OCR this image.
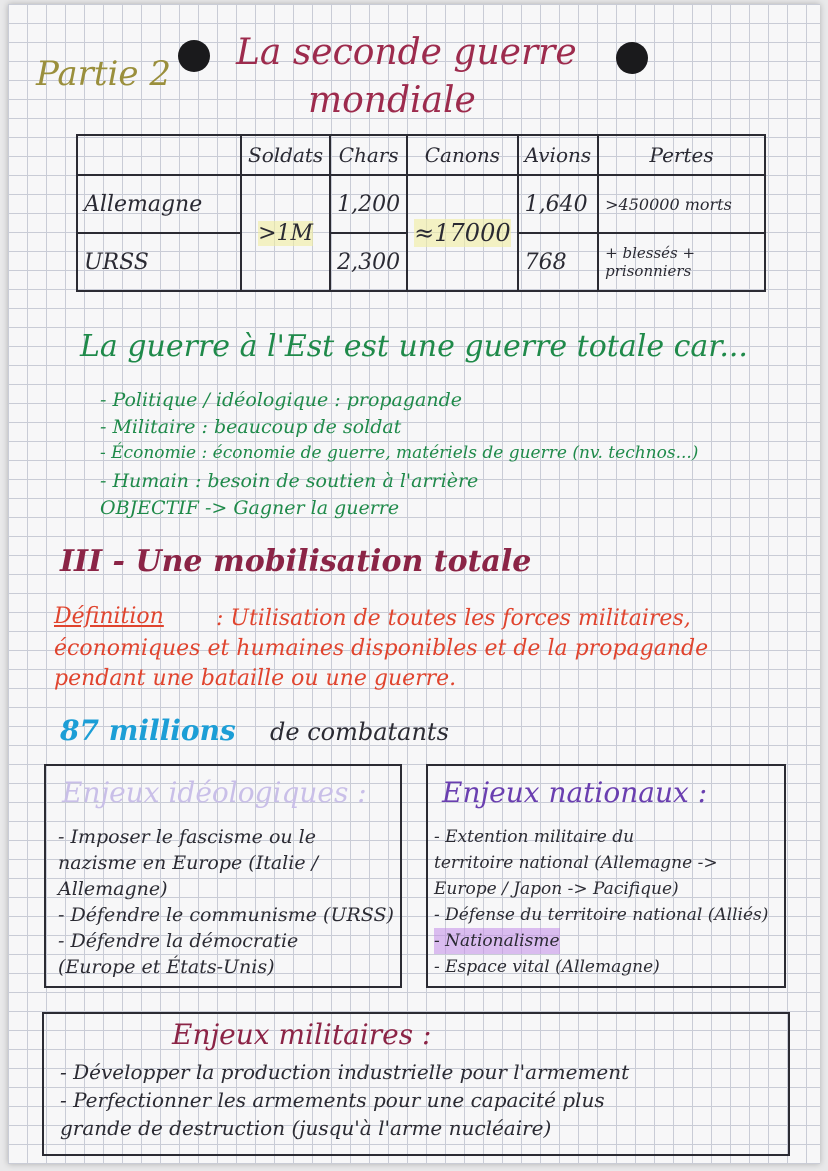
Partie 2
La seconde guerre
mondiale
	Soldats	Chars	Canons	Avions	Pertes
Allemagne	>1M	1,200	≈17000	1,640	>450000 morts
URSS		2,300		768	+ blessés + prisonniers
La guerre à l'Est est une guerre totale car...
- Politique / idéologique : propagande
- Militaire : beaucoup de soldat
- Économie : économie de guerre, matériels de guerre (nv. technos...)
- Humain : besoin de soutien à l'arrière
OBJECTIF -> Gagner la guerre
III - Une mobilisation totale
: Utilisation de toutes les forces militaires, économiques et humaines disponibles et de la propagande pendant une bataille ou une guerre.
Définition
87 millions de combatants
Enjeux idéologiques :
- Imposer le fascisme ou le
nazisme en Europe (Italie /
Allemagne)
- Défendre le communisme (URSS)
- Défendre la démocratie
(Europe et États-Unis)
Enjeux nationaux :
- Extention militaire du
territoire national (Allemagne ->
Europe / Japon -> Pacifique)
- Défense du territoire national (Alliés)
- Nationalisme
- Espace vital (Allemagne)
Enjeux militaires :
- Développer la production industrielle pour l'armement
- Perfectionner les armements pour une capacité plus
grande de destruction (jusqu'à l'arme nucléaire)
